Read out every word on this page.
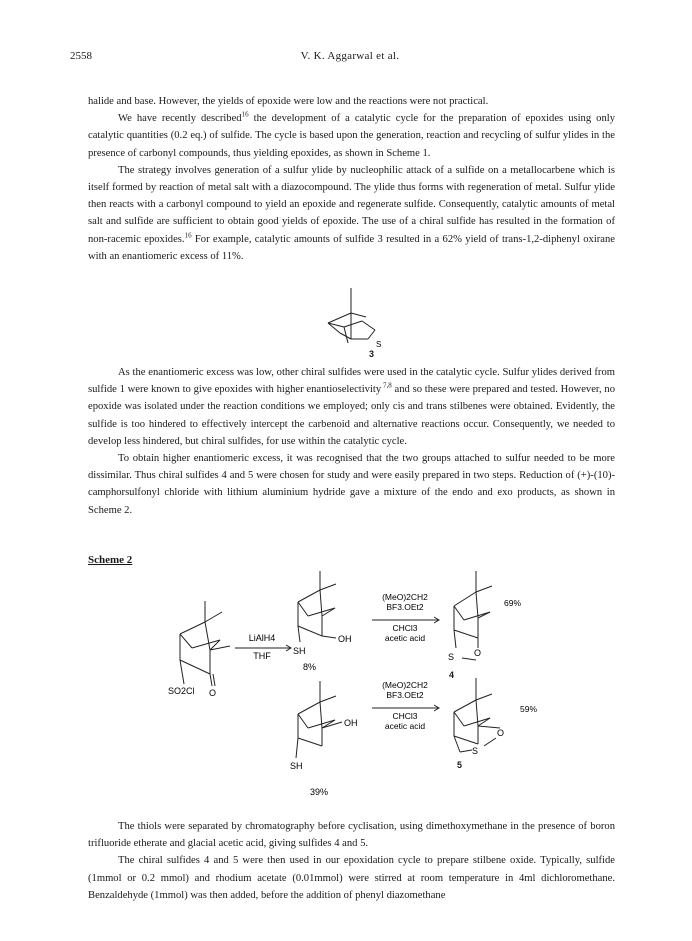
2558	V. K. Aggarwal et al.

halide and base. However, the yields of epoxide were low and the reactions were not practical.

We have recently described$^{16}$ the development of a catalytic cycle for the preparation of epoxides using only catalytic quantities (0.2 eq.) of sulfide. The cycle is based upon the generation, reaction and recycling of sulfur ylides in the presence of carbonyl compounds, thus yielding epoxides, as shown in Scheme 1.

The strategy involves generation of a sulfur ylide by nucleophilic attack of a sulfide on a metallocarbene which is itself formed by reaction of metal salt with a diazocompound. The ylide thus forms with regeneration of metal. Sulfur ylide then reacts with a carbonyl compound to yield an epoxide and regenerate sulfide. Consequently, catalytic amounts of metal salt and sulfide are sufficient to obtain good yields of epoxide. The use of a chiral sulfide has resulted in the formation of non-racemic epoxides.$^{16}$ For example, catalytic amounts of sulfide 3 resulted in a 62% yield of trans-1,2-diphenyl oxirane with an enantiomeric excess of 11%.

S
3

As the enantiomeric excess was low, other chiral sulfides were used in the catalytic cycle. Sulfur ylides derived from sulfide 1 were known to give epoxides with higher enantioselectivity $^{7,8}$ and so these were prepared and tested. However, no epoxide was isolated under the reaction conditions we employed; only cis and trans stilbenes were obtained. Evidently, the sulfide is too hindered to effectively intercept the carbenoid and alternative reactions occur. Consequently, we needed to develop less hindered, but chiral sulfides, for use within the catalytic cycle.

To obtain higher enantiomeric excess, it was recognised that the two groups attached to sulfur needed to be more dissimilar. Thus chiral sulfides 4 and 5 were chosen for study and were easily prepared in two steps. Reduction of (+)-(10)-camphorsulfonyl chloride with lithium aluminium hydride gave a mixture of the endo and exo products, as shown in Scheme 2.

Scheme 2
O
SO2Cl
LiAlH4
THF
OH
SH
8%
OH
SH
39%
(MeO)2CH2
BF3.OEt2
CHCl3
acetic acid
(MeO)2CH2
BF3.OEt2
CHCl3
acetic acid
S O
69%
S
O
59%
4
5

The thiols were separated by chromatography before cyclisation, using dimethoxymethane in the presence of boron trifluoride etherate and glacial acetic acid, giving sulfides 4 and 5.

The chiral sulfides 4 and 5 were then used in our epoxidation cycle to prepare stilbene oxide. Typically, sulfide (1mmol or 0.2 mmol) and rhodium acetate (0.01mmol) were stirred at room temperature in 4ml dichloromethane. Benzaldehyde (1mmol) was then added, before the addition of phenyl diazomethane
